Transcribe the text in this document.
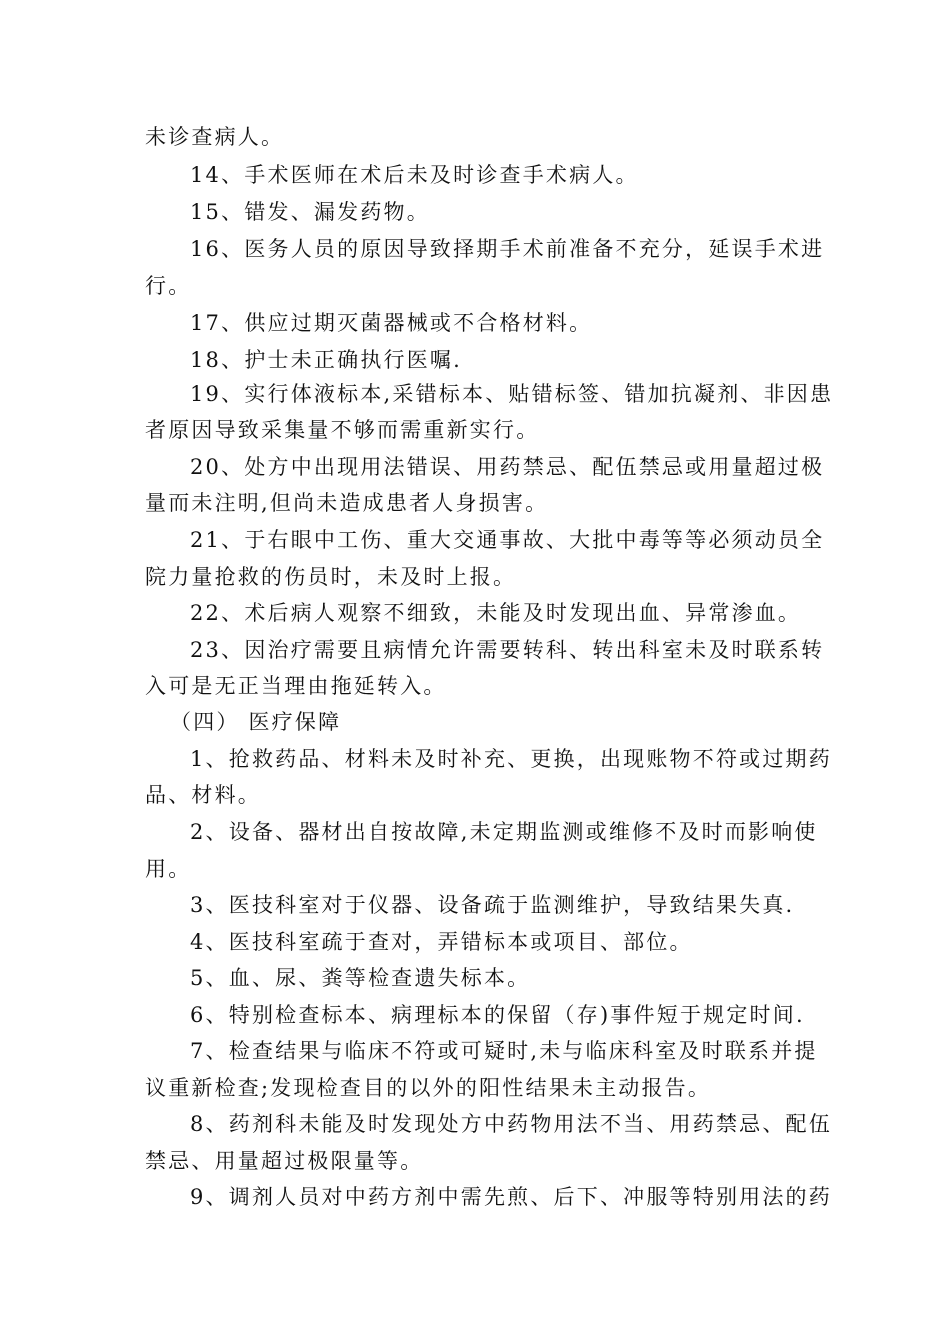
未诊查病人。
14、手术医师在术后未及时诊查手术病人。
15、错发、漏发药物。
16、医务人员的原因导致择期手术前准备不充分，延误手术进
行。
17、供应过期灭菌器械或不合格材料。
18、护士未正确执行医嘱.
19、实行体液标本,采错标本、贴错标签、错加抗凝剂、非因患
者原因导致采集量不够而需重新实行。
20、处方中出现用法错误、用药禁忌、配伍禁忌或用量超过极
量而未注明,但尚未造成患者人身损害。
21、于右眼中工伤、重大交通事故、大批中毒等等必须动员全
院力量抢救的伤员时，未及时上报。
22、术后病人观察不细致，未能及时发现出血、异常渗血。
23、因治疗需要且病情允许需要转科、转出科室未及时联系转
入可是无正当理由拖延转入。
（四） 医疗保障
1、抢救药品、材料未及时补充、更换，出现账物不符或过期药
品、材料。
2、设备、器材出自按故障,未定期监测或维修不及时而影响使
用。
3、医技科室对于仪器、设备疏于监测维护，导致结果失真.
4、医技科室疏于查对，弄错标本或项目、部位。
5、血、尿、粪等检查遗失标本。
6、特别检查标本、病理标本的保留（存)事件短于规定时间.
7、检查结果与临床不符或可疑时,未与临床科室及时联系并提
议重新检查;发现检查目的以外的阳性结果未主动报告。
8、药剂科未能及时发现处方中药物用法不当、用药禁忌、配伍
禁忌、用量超过极限量等。
9、调剂人员对中药方剂中需先煎、后下、冲服等特别用法的药
